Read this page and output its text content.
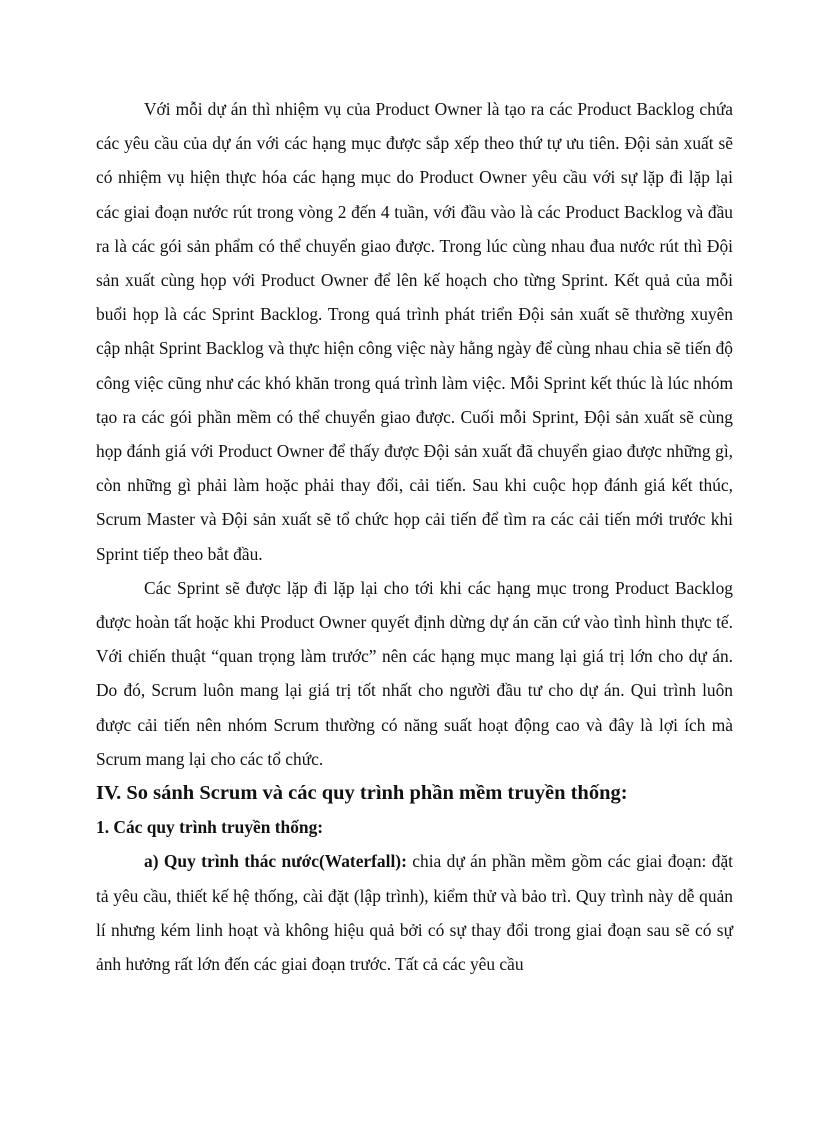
Với mỗi dự án thì nhiệm vụ của Product Owner là tạo ra các Product Backlog chứa các yêu cầu của dự án với các hạng mục được sắp xếp theo thứ tự ưu tiên. Đội sản xuất sẽ có nhiệm vụ hiện thực hóa các hạng mục do Product Owner yêu cầu với sự lặp đi lặp lại các giai đoạn nước rút trong vòng 2 đến 4 tuần, với đầu vào là các Product Backlog và đầu ra là các gói sản phẩm có thể chuyển giao được. Trong lúc cùng nhau đua nước rút thì Đội sản xuất cùng họp với Product Owner để lên kế hoạch cho từng Sprint. Kết quả của mỗi buổi họp là các Sprint Backlog. Trong quá trình phát triển Đội sản xuất sẽ thường xuyên cập nhật Sprint Backlog và thực hiện công việc này hằng ngày để cùng nhau chia sẽ tiến độ công việc cũng như các khó khăn trong quá trình làm việc. Mỗi Sprint kết thúc là lúc nhóm tạo ra các gói phần mềm có thể chuyển giao được. Cuối mỗi Sprint, Đội sản xuất sẽ cùng họp đánh giá với Product Owner để thấy được Đội sản xuất đã chuyển giao được những gì, còn những gì phải làm hoặc phải thay đổi, cải tiến. Sau khi cuộc họp đánh giá kết thúc, Scrum Master và Đội sản xuất sẽ tổ chức họp cải tiến để tìm ra các cải tiến mới trước khi Sprint tiếp theo bắt đầu.

Các Sprint sẽ được lặp đi lặp lại cho tới khi các hạng mục trong Product Backlog được hoàn tất hoặc khi Product Owner quyết định dừng dự án căn cứ vào tình hình thực tế. Với chiến thuật “quan trọng làm trước” nên các hạng mục mang lại giá trị lớn cho dự án. Do đó, Scrum luôn mang lại giá trị tốt nhất cho người đầu tư cho dự án. Qui trình luôn được cải tiến nên nhóm Scrum thường có năng suất hoạt động cao và đây là lợi ích mà Scrum mang lại cho các tổ chức.

IV. So sánh Scrum và các quy trình phần mềm truyền thống:
1. Các quy trình truyền thống:

a) Quy trình thác nước(Waterfall): chia dự án phần mềm gồm các giai đoạn: đặt tả yêu cầu, thiết kế hệ thống, cài đặt (lập trình), kiểm thử và bảo trì. Quy trình này dễ quản lí nhưng kém linh hoạt và không hiệu quả bởi có sự thay đổi trong giai đoạn sau sẽ có sự ảnh hưởng rất lớn đến các giai đoạn trước. Tất cả các yêu cầu
